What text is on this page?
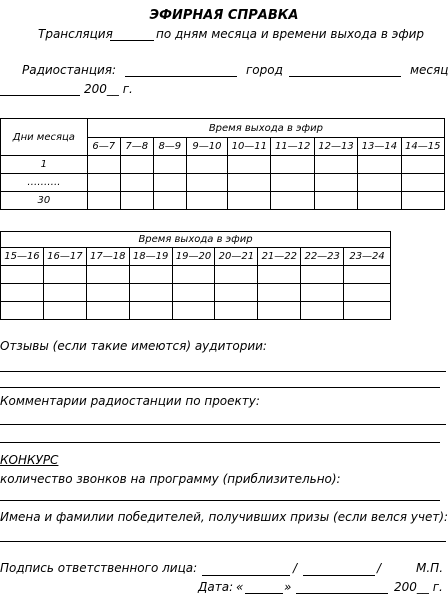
ЭФИРНАЯ СПРАВКА
Трансляция	по дням месяца и времени выхода в эфир
Радиостанция:	город	месяц
200__ г.
Дни месяца	Время выхода в эфир								
	6—7	7—8	8—9	9—10	10—11	11—12	12—13	13—14	14—15
1									
……….									
30									
Время выхода в эфир								
15—16	16—17	17—18	18—19	19—20	20—21	21—22	22—23	23—24

Отзывы (если такие имеются) аудитории:
Комментарии радиостанции по проекту:
КОНКУРС
количество звонков на программу (приблизительно):
Имена и фамилии победителей, получивших призы (если велся учет):
Подпись ответственного лица:	/	/	М.П.
Дата: «	»	200__ г.
